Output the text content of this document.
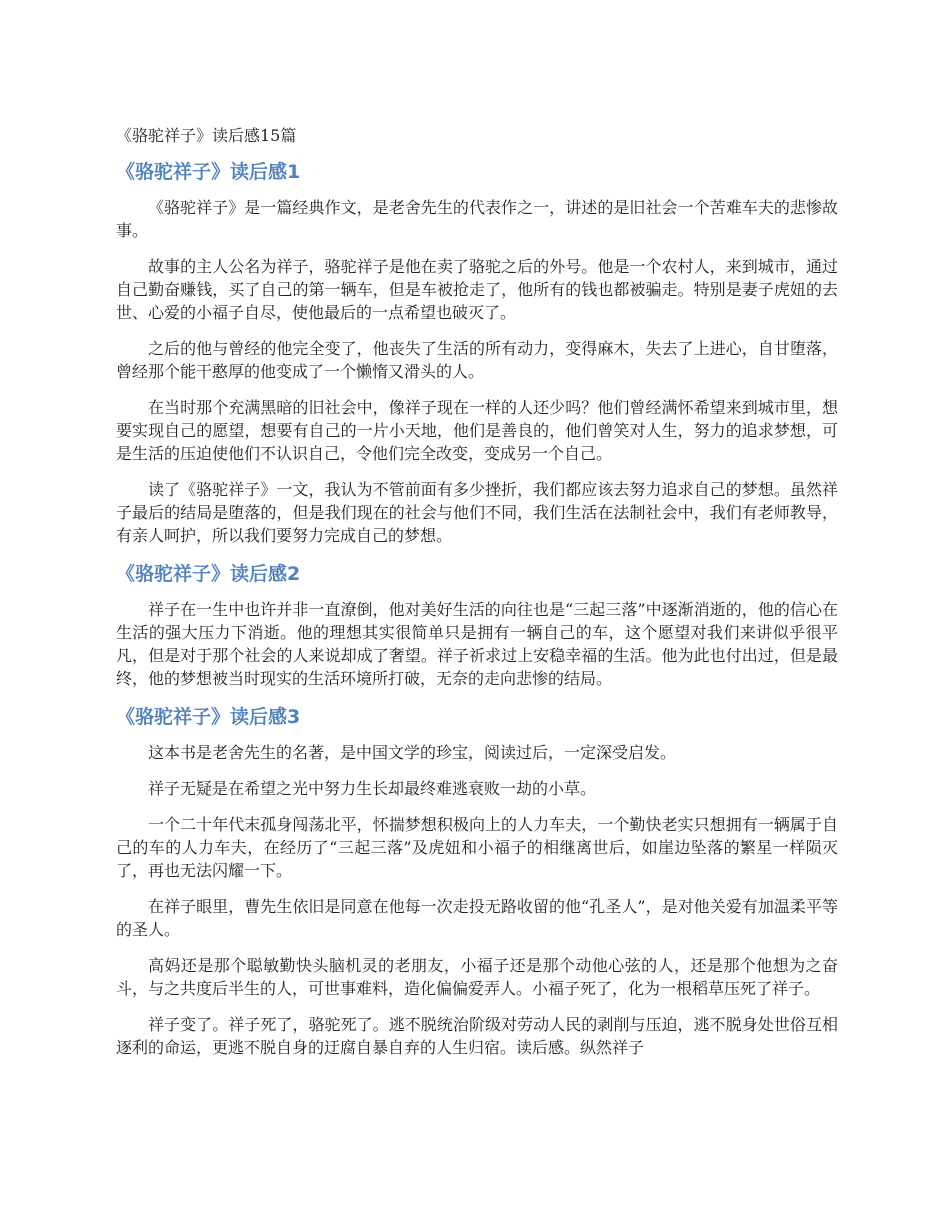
《骆驼祥子》读后感15篇
《骆驼祥子》读后感1

《骆驼祥子》是一篇经典作文，是老舍先生的代表作之一，讲述的是旧社会一个苦难车夫的悲惨故事。

故事的主人公名为祥子，骆驼祥子是他在卖了骆驼之后的外号。他是一个农村人，来到城市，通过自己勤奋赚钱，买了自己的第一辆车，但是车被抢走了，他所有的钱也都被骗走。特别是妻子虎妞的去世、心爱的小福子自尽，使他最后的一点希望也破灭了。

之后的他与曾经的他完全变了，他丧失了生活的所有动力，变得麻木，失去了上进心，自甘堕落，曾经那个能干憨厚的他变成了一个懒惰又滑头的人。

在当时那个充满黑暗的旧社会中，像祥子现在一样的人还少吗？他们曾经满怀希望来到城市里，想要实现自己的愿望，想要有自己的一片小天地，他们是善良的，他们曾笑对人生，努力的追求梦想，可是生活的压迫使他们不认识自己，令他们完全改变，变成另一个自己。

读了《骆驼祥子》一文，我认为不管前面有多少挫折，我们都应该去努力追求自己的梦想。虽然祥子最后的结局是堕落的，但是我们现在的社会与他们不同，我们生活在法制社会中，我们有老师教导，有亲人呵护，所以我们要努力完成自己的梦想。

《骆驼祥子》读后感2

祥子在一生中也许并非一直潦倒，他对美好生活的向往也是“三起三落”中逐渐消逝的，他的信心在生活的强大压力下消逝。他的理想其实很简单只是拥有一辆自己的车，这个愿望对我们来讲似乎很平凡，但是对于那个社会的人来说却成了奢望。祥子祈求过上安稳幸福的生活。他为此也付出过，但是最终，他的梦想被当时现实的生活环境所打破，无奈的走向悲惨的结局。

《骆驼祥子》读后感3

这本书是老舍先生的名著，是中国文学的珍宝，阅读过后，一定深受启发。

祥子无疑是在希望之光中努力生长却最终难逃衰败一劫的小草。

一个二十年代末孤身闯荡北平，怀揣梦想积极向上的人力车夫，一个勤快老实只想拥有一辆属于自己的车的人力车夫，在经历了“三起三落”及虎妞和小福子的相继离世后，如崖边坠落的繁星一样陨灭了，再也无法闪耀一下。

在祥子眼里，曹先生依旧是同意在他每一次走投无路收留的他“孔圣人”，是对他关爱有加温柔平等的圣人。

高妈还是那个聪敏勤快头脑机灵的老朋友，小福子还是那个动他心弦的人，还是那个他想为之奋斗，与之共度后半生的人，可世事难料，造化偏偏爱弄人。小福子死了，化为一根稻草压死了祥子。

祥子变了。祥子死了，骆驼死了。逃不脱统治阶级对劳动人民的剥削与压迫，逃不脱身处世俗互相逐利的命运，更逃不脱自身的迂腐自暴自弃的人生归宿。读后感。纵然祥子
